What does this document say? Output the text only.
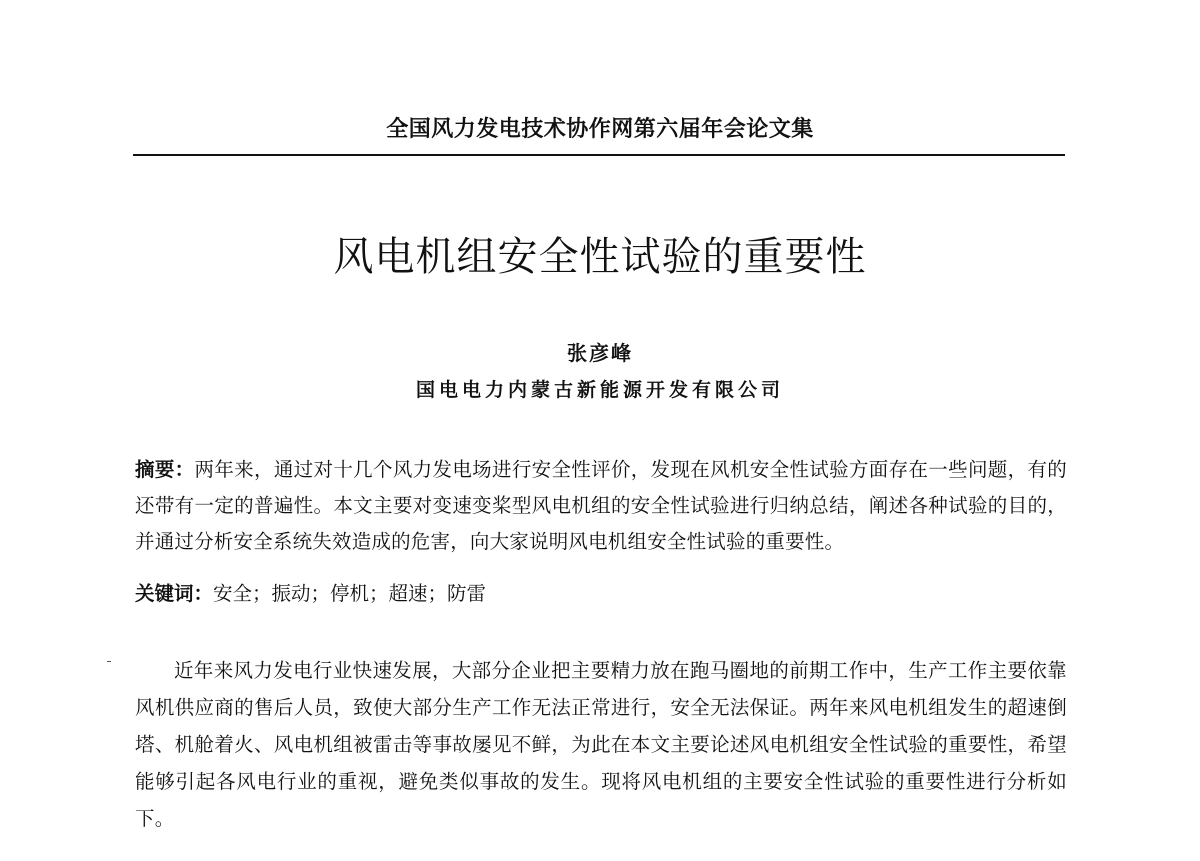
全国风力发电技术协作网第六届年会论文集
风电机组安全性试验的重要性
张彦峰
国电电力内蒙古新能源开发有限公司
摘要：两年来，通过对十几个风力发电场进行安全性评价，发现在风机安全性试验方面存在一些问题，有的还带有一定的普遍性。本文主要对变速变桨型风电机组的安全性试验进行归纳总结，阐述各种试验的目的，并通过分析安全系统失效造成的危害，向大家说明风电机组安全性试验的重要性。
关键词：安全；振动；停机；超速；防雷
近年来风力发电行业快速发展，大部分企业把主要精力放在跑马圈地的前期工作中，生产工作主要依靠风机供应商的售后人员，致使大部分生产工作无法正常进行，安全无法保证。两年来风电机组发生的超速倒塔、机舱着火、风电机组被雷击等事故屡见不鲜，为此在本文主要论述风电机组安全性试验的重要性，希望能够引起各风电行业的重视，避免类似事故的发生。现将风电机组的主要安全性试验的重要性进行分析如下。
